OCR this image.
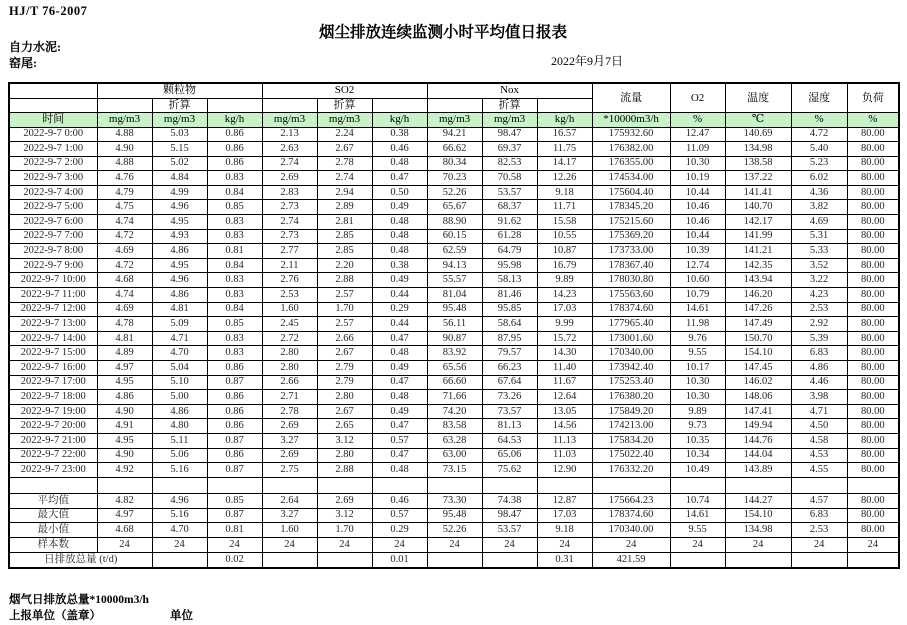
HJ/T 76-2007
烟尘排放连续监测小时平均值日报表
自力水泥:
窑尾:	2022年9月7日
	颗粒物			SO2			Nox			流量	O2	温度	湿度	负荷
		折算			折算			折算						
时间	mg/m3	mg/m3	kg/h	mg/m3	mg/m3	kg/h	mg/m3	mg/m3	kg/h	*10000m3/h	%	℃	%	%
2022-9-7 0:00	4.88	5.03	0.86	2.13	2.24	0.38	94.21	98.47	16.57	175932.60	12.47	140.69	4.72	80.00
2022-9-7 1:00	4.90	5.15	0.86	2.63	2.67	0.46	66.62	69.37	11.75	176382.00	11.09	134.98	5.40	80.00
2022-9-7 2:00	4.88	5.02	0.86	2.74	2.78	0.48	80.34	82.53	14.17	176355.00	10.30	138.58	5.23	80.00
2022-9-7 3:00	4.76	4.84	0.83	2.69	2.74	0.47	70.23	70.58	12.26	174534.00	10.19	137.22	6.02	80.00
2022-9-7 4:00	4.79	4.99	0.84	2.83	2.94	0.50	52.26	53.57	9.18	175604.40	10.44	141.41	4.36	80.00
2022-9-7 5:00	4.75	4.96	0.85	2.73	2.89	0.49	65.67	68.37	11.71	178345.20	10.46	140.70	3.82	80.00
2022-9-7 6:00	4.74	4.95	0.83	2.74	2.81	0.48	88.90	91.62	15.58	175215.60	10.46	142.17	4.69	80.00
2022-9-7 7:00	4.72	4.93	0.83	2.73	2.85	0.48	60.15	61.28	10.55	175369.20	10.44	141.99	5.31	80.00
2022-9-7 8:00	4.69	4.86	0.81	2.77	2.85	0.48	62.59	64.79	10.87	173733.00	10.39	141.21	5.33	80.00
2022-9-7 9:00	4.72	4.95	0.84	2.11	2.20	0.38	94.13	95.98	16.79	178367.40	12.74	142.35	3.52	80.00
2022-9-7 10:00	4.68	4.96	0.83	2.76	2.88	0.49	55.57	58.13	9.89	178030.80	10.60	143.94	3.22	80.00
2022-9-7 11:00	4.74	4.86	0.83	2.53	2.57	0.44	81.04	81.46	14.23	175563.60	10.79	146.20	4.23	80.00
2022-9-7 12:00	4.69	4.81	0.84	1.60	1.70	0.29	95.48	95.85	17.03	178374.60	14.61	147.26	2.53	80.00
2022-9-7 13:00	4.78	5.09	0.85	2.45	2.57	0.44	56.11	58.64	9.99	177965.40	11.98	147.49	2.92	80.00
2022-9-7 14:00	4.81	4.71	0.83	2.72	2.66	0.47	90.87	87.95	15.72	173001.60	9.76	150.70	5.39	80.00
2022-9-7 15:00	4.89	4.70	0.83	2.80	2.67	0.48	83.92	79.57	14.30	170340.00	9.55	154.10	6.83	80.00
2022-9-7 16:00	4.97	5.04	0.86	2.80	2.79	0.49	65.56	66.23	11.40	173942.40	10.17	147.45	4.86	80.00
2022-9-7 17:00	4.95	5.10	0.87	2.66	2.79	0.47	66.60	67.64	11.67	175253.40	10.30	146.02	4.46	80.00
2022-9-7 18:00	4.86	5.00	0.86	2.71	2.80	0.48	71.66	73.26	12.64	176380.20	10.30	148.06	3.98	80.00
2022-9-7 19:00	4.90	4.86	0.86	2.78	2.67	0.49	74.20	73.57	13.05	175849.20	9.89	147.41	4.71	80.00
2022-9-7 20:00	4.91	4.80	0.86	2.69	2.65	0.47	83.58	81.13	14.56	174213.00	9.73	149.94	4.50	80.00
2022-9-7 21:00	4.95	5.11	0.87	3.27	3.12	0.57	63.28	64.53	11.13	175834.20	10.35	144.76	4.58	80.00
2022-9-7 22:00	4.90	5.06	0.86	2.69	2.80	0.47	63.00	65.06	11.03	175022.40	10.34	144.04	4.53	80.00
2022-9-7 23:00	4.92	5.16	0.87	2.75	2.88	0.48	73.15	75.62	12.90	176332.20	10.49	143.89	4.55	80.00

平均值	4.82	4.96	0.85	2.64	2.69	0.46	73.30	74.38	12.87	175664.23	10.74	144.27	4.57	80.00
最大值	4.97	5.16	0.87	3.27	3.12	0.57	95.48	98.47	17.03	178374.60	14.61	154.10	6.83	80.00
最小值	4.68	4.70	0.81	1.60	1.70	0.29	52.26	53.57	9.18	170340.00	9.55	134.98	2.53	80.00
样本数	24	24	24	24	24	24	24	24	24	24	24	24	24	24
日排放总量 (t/d)			0.02			0.01			0.31	421.59				
烟气日排放总量*10000m3/h
上报单位（盖章）	单位
